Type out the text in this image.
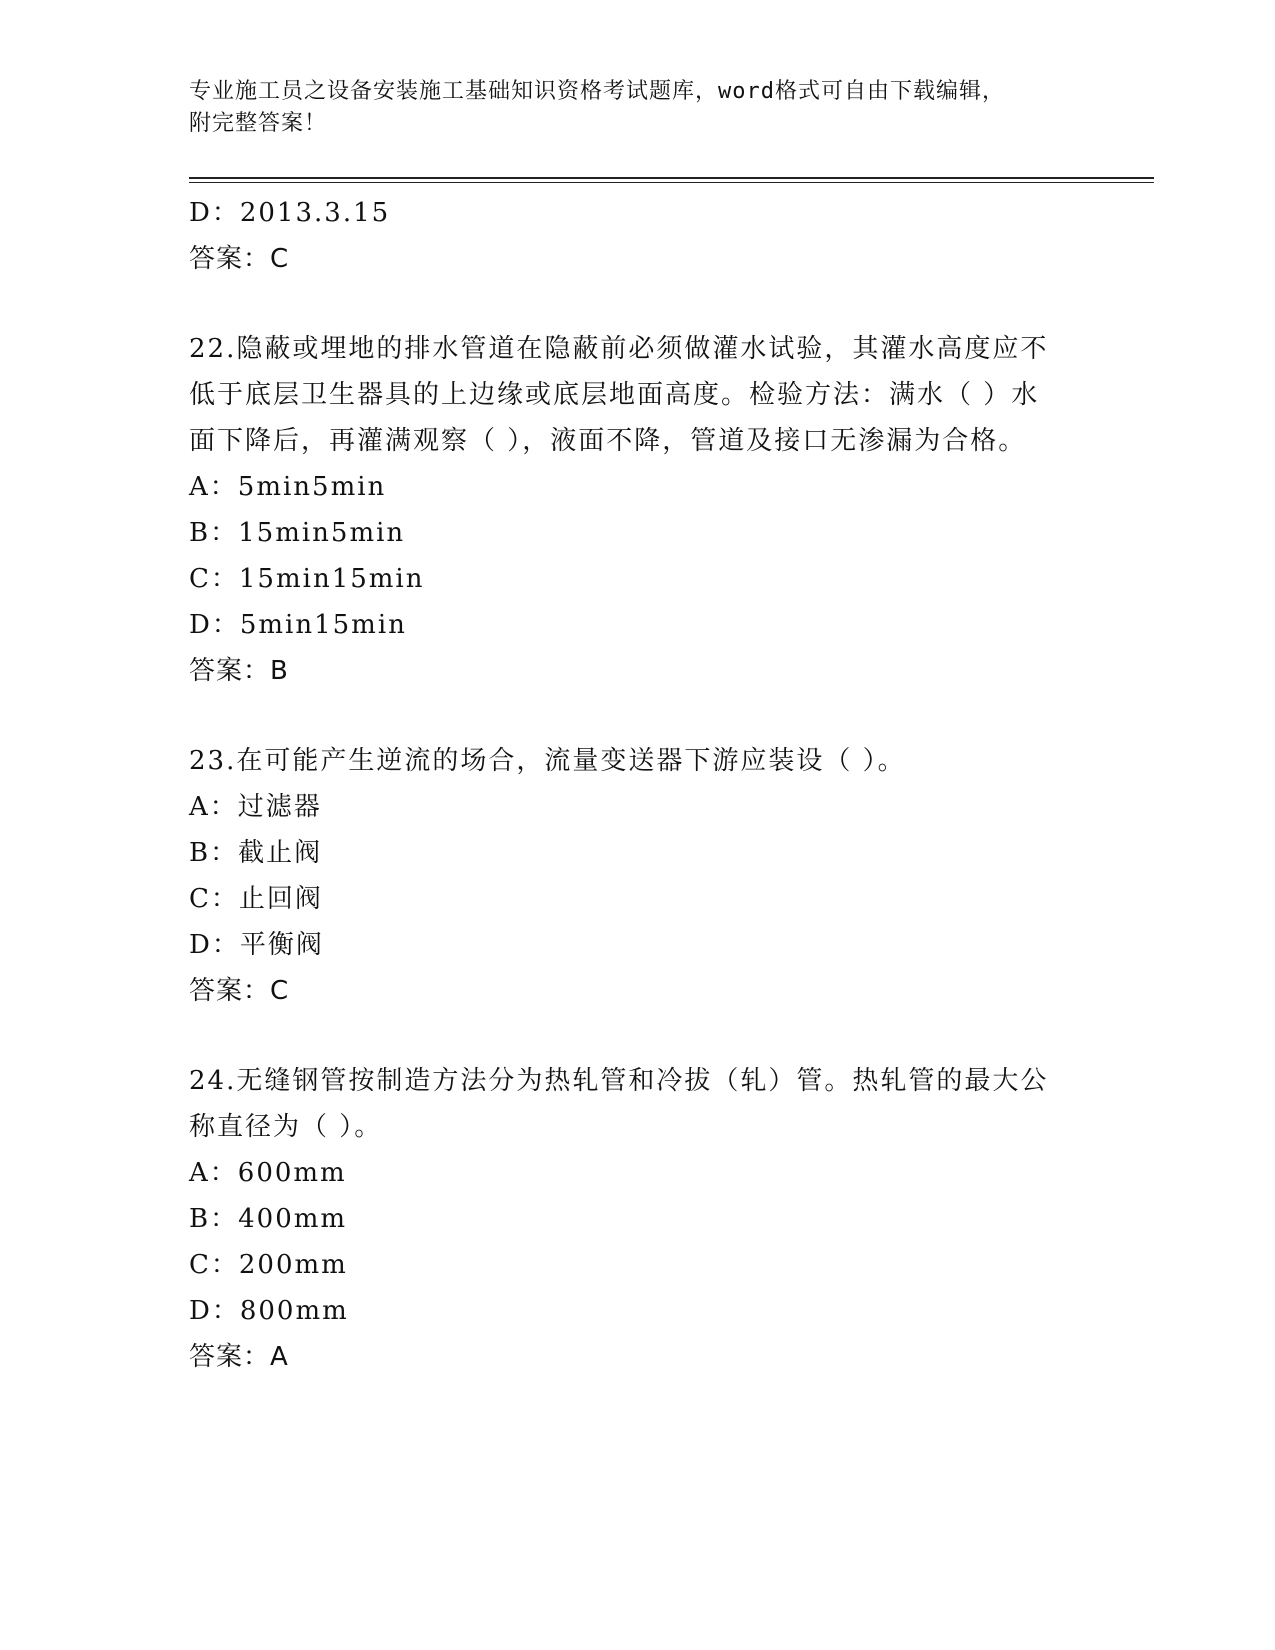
专业施工员之设备安装施工基础知识资格考试题库，word格式可自由下载编辑，
附完整答案！
D：2013.3.15
答案：C
22.隐蔽或埋地的排水管道在隐蔽前必须做灌水试验，其灌水高度应不
低于底层卫生器具的上边缘或底层地面高度。检验方法：满水（ ）水
面下降后，再灌满观察（ ），液面不降，管道及接口无渗漏为合格。
A：5min5min
B：15min5min
C：15min15min
D：5min15min
答案：B
23.在可能产生逆流的场合，流量变送器下游应装设（ ）。
A：过滤器
B：截止阀
C：止回阀
D：平衡阀
答案：C
24.无缝钢管按制造方法分为热轧管和冷拔（轧）管。热轧管的最大公
称直径为（ ）。
A：600mm
B：400mm
C：200mm
D：800mm
答案：A
